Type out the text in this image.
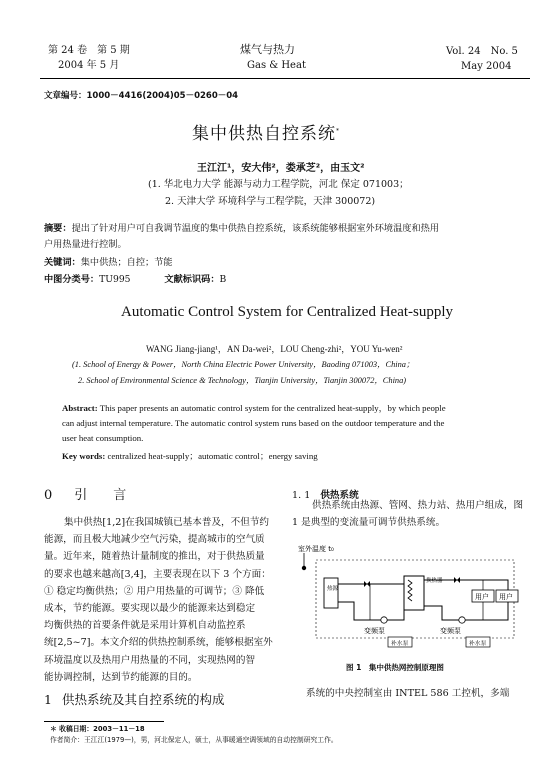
第 24 卷　第 5 期
2004 年 5 月
煤气与热力
Gas & Heat
Vol. 24　No. 5
May 2004
文章编号：1000－4416(2004)05－0260－04
集中供热自控系统*
王江江¹，安大伟²，娄承芝²，由玉文²
(1. 华北电力大学 能源与动力工程学院，河北 保定 071003；
2. 天津大学 环境科学与工程学院，天津 300072)
摘要：提出了针对用户可自我调节温度的集中供热自控系统，该系统能够根据室外环境温度和热用
户用热量进行控制。
关键词：集中供热；自控；节能
中图分类号：TU995	文献标识码：B
Automatic Control System for Centralized Heat-supply
WANG Jiang-jiang¹，AN Da-wei²，LOU Cheng-zhi²，YOU Yu-wen²
(1. School of Energy & Power，North China Electric Power University，Baoding 071003，China；
2. School of Environmental Science & Technology，Tianjin University，Tianjin 300072，China)
Abstract: This paper presents an automatic control system for the centralized heat-supply，by which people
can adjust internal temperature. The automatic control system runs based on the outdoor temperature and the
user heat consumption.
Key words: centralized heat-supply；automatic control；energy saving
0 引　　言
集中供热[1,2]在我国城镇已基本普及，不但节约
能源，而且极大地减少空气污染，提高城市的空气质
量。近年来，随着热计量制度的推出，对于供热质量
的要求也越来越高[3,4]，主要表现在以下 3 个方面：
① 稳定均衡供热；② 用户用热量的可调节；③ 降低
成本，节约能源。要实现以最少的能源来达到稳定
均衡供热的首要条件就是采用计算机自动监控系
统[2,5~7]。本文介绍的供热控制系统，能够根据室外
环境温度以及热用户用热量的不同，实现热网的智
能协调控制，达到节约能源的目的。
1 供热系统及其自控系统的构成
1. 1 供热系统
供热系统由热源、管网、热力站、热用户组成，图
1 是典型的变流量可调节供热系统。
室外温度 t₀
热源
换热器
用户 用户
变频泵	变频泵
补水泵	补水泵
图 1　集中供热网控制原理图
系统的中央控制室由 INTEL 586 工控机，多端
＊ 收稿日期：2003－11－18
作者简介：王江江(1979—)，男，河北保定人，硕士，从事暖通空调领域的自动控制研究工作。
